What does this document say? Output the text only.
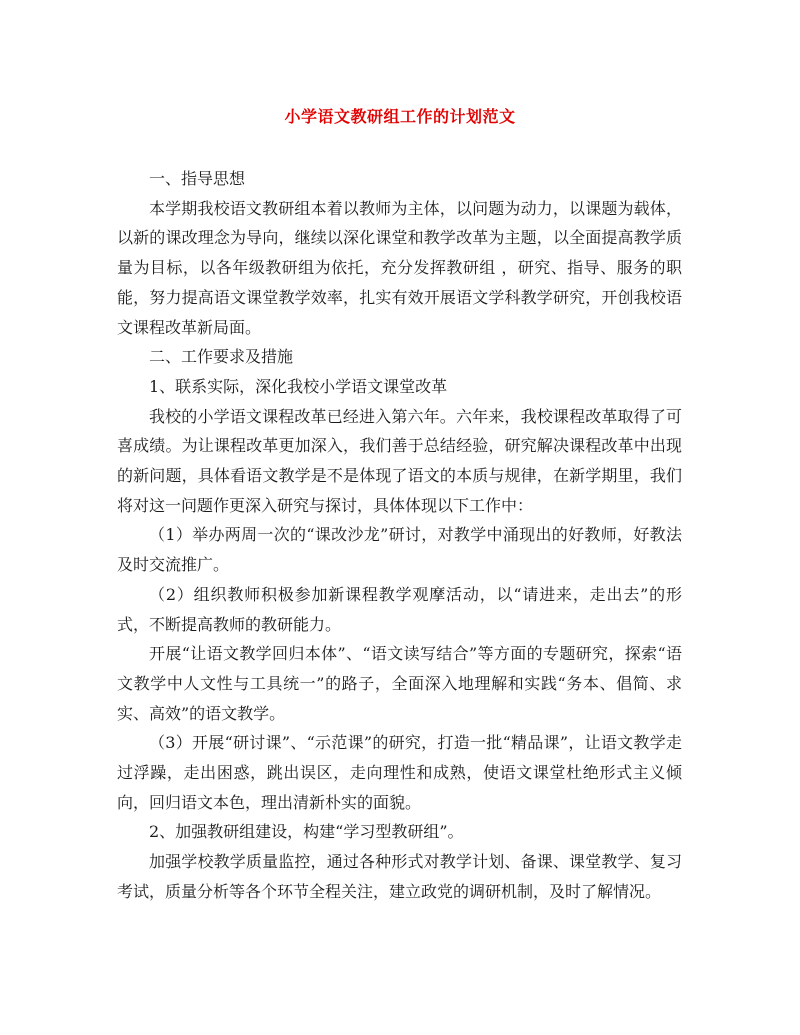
小学语文教研组工作的计划范文

一、指导思想

本学期我校语文教研组本着以教师为主体，以问题为动力，以课题为载体，以新的课改理念为导向，继续以深化课堂和教学改革为主题，以全面提高教学质量为目标，以各年级教研组为依托，充分发挥教研组 ，研究、指导、服务的职能，努力提高语文课堂教学效率，扎实有效开展语文学科教学研究，开创我校语文课程改革新局面。

二、工作要求及措施

1、联系实际，深化我校小学语文课堂改革

我校的小学语文课程改革已经进入第六年。六年来，我校课程改革取得了可喜成绩。为让课程改革更加深入，我们善于总结经验，研究解决课程改革中出现的新问题，具体看语文教学是不是体现了语文的本质与规律，在新学期里，我们将对这一问题作更深入研究与探讨，具体体现以下工作中：

（1）举办两周一次的“课改沙龙”研讨，对教学中涌现出的好教师，好教法及时交流推广。

（2）组织教师积极参加新课程教学观摩活动，以“请进来，走出去”的形式，不断提高教师的教研能力。

开展“让语文教学回归本体”、“语文读写结合”等方面的专题研究，探索“语文教学中人文性与工具统一”的路子，全面深入地理解和实践“务本、倡简、求实、高效”的语文教学。

（3）开展“研讨课”、“示范课”的研究，打造一批“精品课”，让语文教学走过浮躁，走出困惑，跳出误区，走向理性和成熟，使语文课堂杜绝形式主义倾向，回归语文本色，理出清新朴实的面貌。

2、加强教研组建设，构建“学习型教研组”。

加强学校教学质量监控，通过各种形式对教学计划、备课、课堂教学、复习考试，质量分析等各个环节全程关注，建立政党的调研机制，及时了解情况。
